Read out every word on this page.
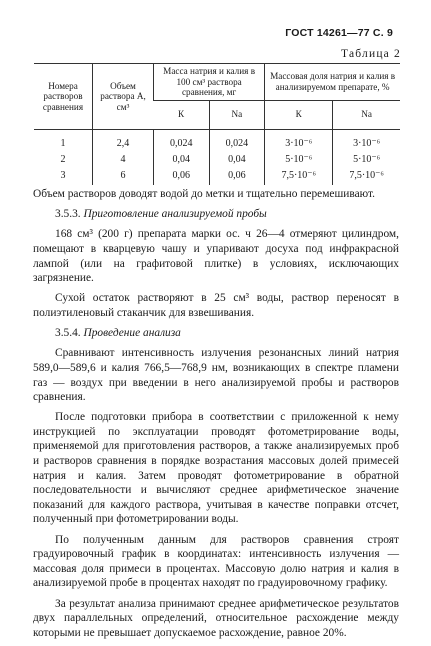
ГОСТ 14261—77 С. 9
Таблица 2
Номера растворов сравнения	Объем раствора А, см³	Масса натрия и калия в 100 см³ раствора сравнения, мг		Массовая доля натрия и калия в анализируемом препарате, %	
		К	Na	К	Na
1	2,4	0,024	0,024	3·10⁻⁶	3·10⁻⁶
2	4	0,04	0,04	5·10⁻⁶	5·10⁻⁶
3	6	0,06	0,06	7,5·10⁻⁶	7,5·10⁻⁶

Объем растворов доводят водой до метки и тщательно перемешивают.

3.5.3. Приготовление анализируемой пробы

168 см³ (200 г) препарата марки ос. ч 26—4 отмеряют цилиндром, помещают в кварцевую чашу и упаривают досуха под инфракрасной лампой (или на графитовой плитке) в условиях, исключающих загрязнение.

Сухой остаток растворяют в 25 см³ воды, раствор переносят в полиэтиленовый стаканчик для взвешивания.

3.5.4. Проведение анализа

Сравнивают интенсивность излучения резонансных линий натрия 589,0—589,6 и калия 766,5—768,9 нм, возникающих в спектре пламени газ — воздух при введении в него анализируемой пробы и растворов сравнения.

После подготовки прибора в соответствии с приложенной к нему инструкцией по эксплуатации проводят фотометрирование воды, применяемой для приготовления растворов, а также анализируемых проб и растворов сравнения в порядке возрастания массовых долей примесей натрия и калия. Затем проводят фотометрирование в обратной последовательности и вычисляют среднее арифметическое значение показаний для каждого раствора, учитывая в качестве поправки отсчет, полученный при фотометрировании воды.

По полученным данным для растворов сравнения строят градуировочный график в координатах: интенсивность излучения — массовая доля примеси в процентах. Массовую долю натрия и калия в анализируемой пробе в процентах находят по градуировочному графику.

За результат анализа принимают среднее арифметическое результатов двух параллельных определений, относительное расхождение между которыми не превышает допускаемое расхождение, равное 20%.
